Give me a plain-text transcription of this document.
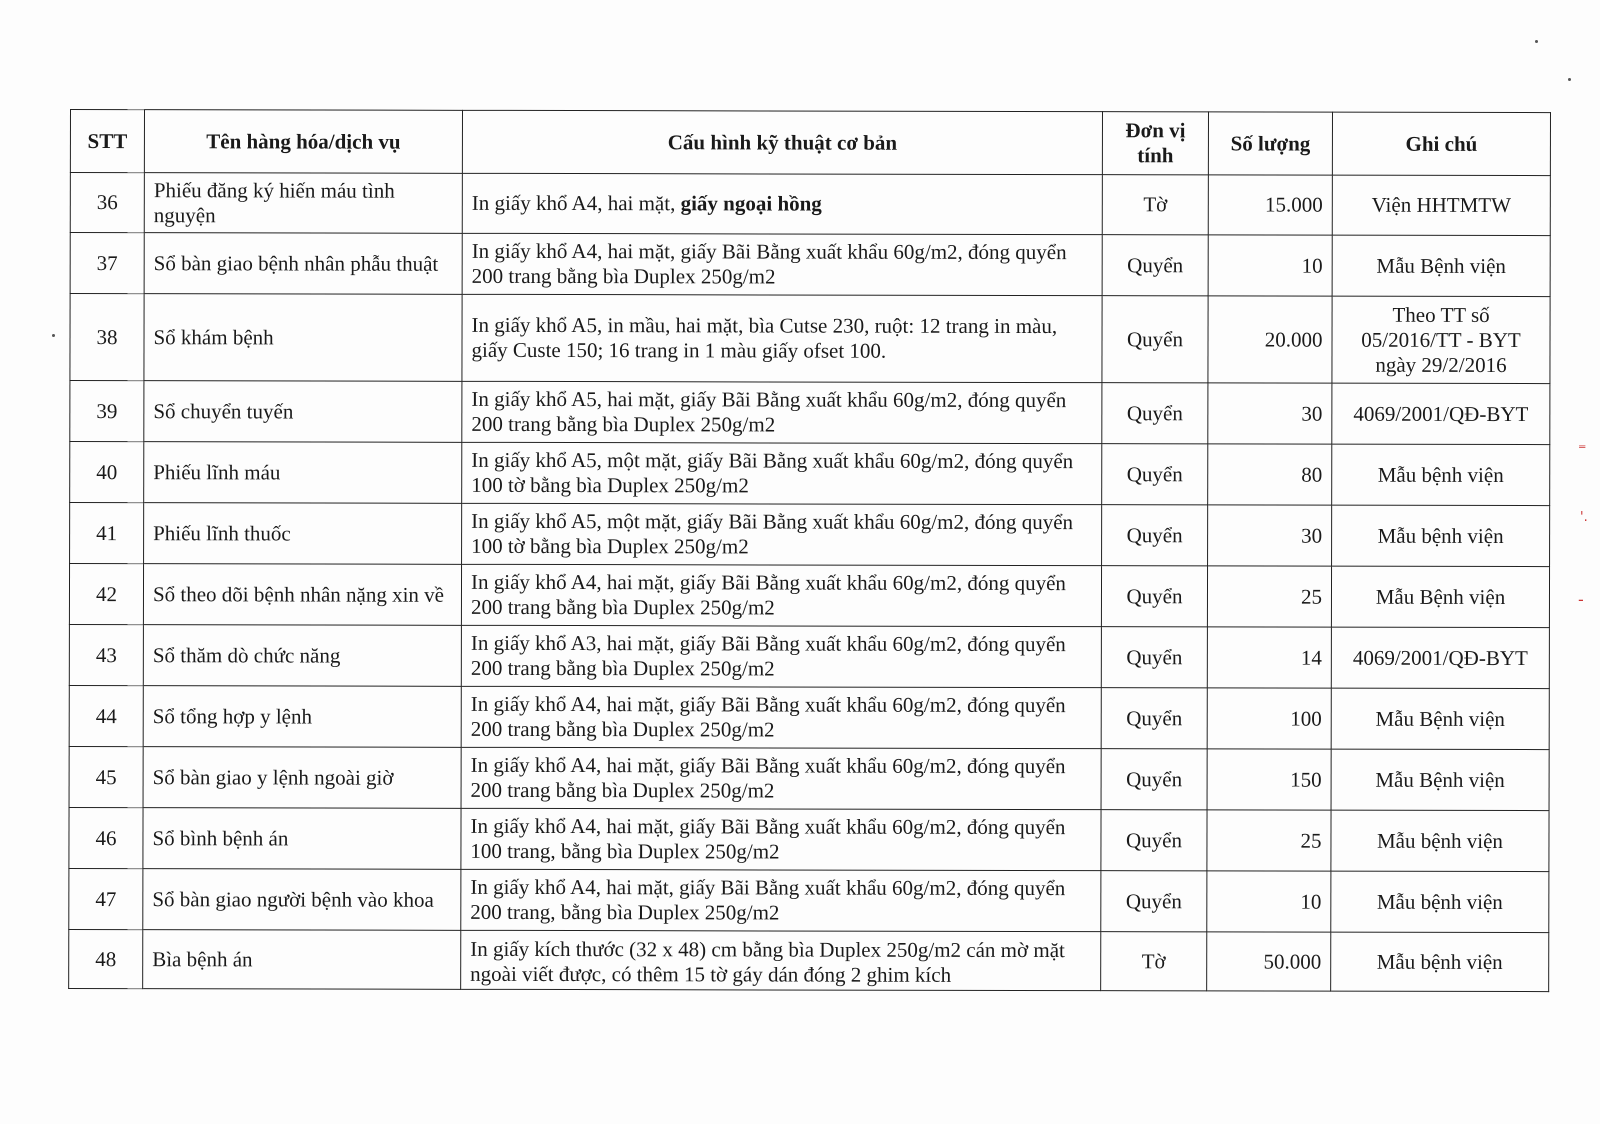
STT	Tên hàng hóa/dịch vụ	Cấu hình kỹ thuật cơ bản	Đơn vị tính	Số lượng	Ghi chú
36	Phiếu đăng ký hiến máu tình nguyện	In giấy khổ A4, hai mặt, giấy ngoại hồng	Tờ	15.000	Viện HHTMTW
37	Sổ bàn giao bệnh nhân phẫu thuật	In giấy khổ A4, hai mặt, giấy Bãi Bằng xuất khẩu 60g/m2, đóng quyển 200 trang bằng bìa Duplex 250g/m2	Quyển	10	Mẫu Bệnh viện
38	Sổ khám bệnh	In giấy khổ A5, in mầu, hai mặt, bìa Cutse 230, ruột: 12 trang in màu, giấy Custe 150; 16 trang in 1 màu giấy ofset 100.	Quyển	20.000	Theo TT số 05/2016/TT - BYT ngày 29/2/2016
39	Sổ chuyển tuyến	In giấy khổ A5, hai mặt, giấy Bãi Bằng xuất khẩu 60g/m2, đóng quyển 200 trang bằng bìa Duplex 250g/m2	Quyển	30	4069/2001/QĐ-BYT
40	Phiếu lĩnh máu	In giấy khổ A5, một mặt, giấy Bãi Bằng xuất khẩu 60g/m2, đóng quyển 100 tờ bằng bìa Duplex 250g/m2	Quyển	80	Mẫu bệnh viện
41	Phiếu lĩnh thuốc	In giấy khổ A5, một mặt, giấy Bãi Bằng xuất khẩu 60g/m2, đóng quyển 100 tờ bằng bìa Duplex 250g/m2	Quyển	30	Mẫu bệnh viện
42	Sổ theo dõi bệnh nhân nặng xin về	In giấy khổ A4, hai mặt, giấy Bãi Bằng xuất khẩu 60g/m2, đóng quyển 200 trang bằng bìa Duplex 250g/m2	Quyển	25	Mẫu Bệnh viện
43	Sổ thăm dò chức năng	In giấy khổ A3, hai mặt, giấy Bãi Bằng xuất khẩu 60g/m2, đóng quyển 200 trang bằng bìa Duplex 250g/m2	Quyển	14	4069/2001/QĐ-BYT
44	Sổ tổng hợp y lệnh	In giấy khổ A4, hai mặt, giấy Bãi Bằng xuất khẩu 60g/m2, đóng quyển 200 trang bằng bìa Duplex 250g/m2	Quyển	100	Mẫu Bệnh viện
45	Sổ bàn giao y lệnh ngoài giờ	In giấy khổ A4, hai mặt, giấy Bãi Bằng xuất khẩu 60g/m2, đóng quyển 200 trang bằng bìa Duplex 250g/m2	Quyển	150	Mẫu Bệnh viện
46	Sổ bình bệnh án	In giấy khổ A4, hai mặt, giấy Bãi Bằng xuất khẩu 60g/m2, đóng quyển 100 trang, bằng bìa Duplex 250g/m2	Quyển	25	Mẫu bệnh viện
47	Sổ bàn giao người bệnh vào khoa	In giấy khổ A4, hai mặt, giấy Bãi Bằng xuất khẩu 60g/m2, đóng quyển 200 trang, bằng bìa Duplex 250g/m2	Quyển	10	Mẫu bệnh viện
48	Bìa bệnh án	In giấy kích thước (32 x 48) cm bằng bìa Duplex 250g/m2 cán mờ mặt ngoài viết được, có thêm 15 tờ gáy dán đóng 2 ghim kích	Tờ	50.000	Mẫu bệnh viện
⁼
'.
-
